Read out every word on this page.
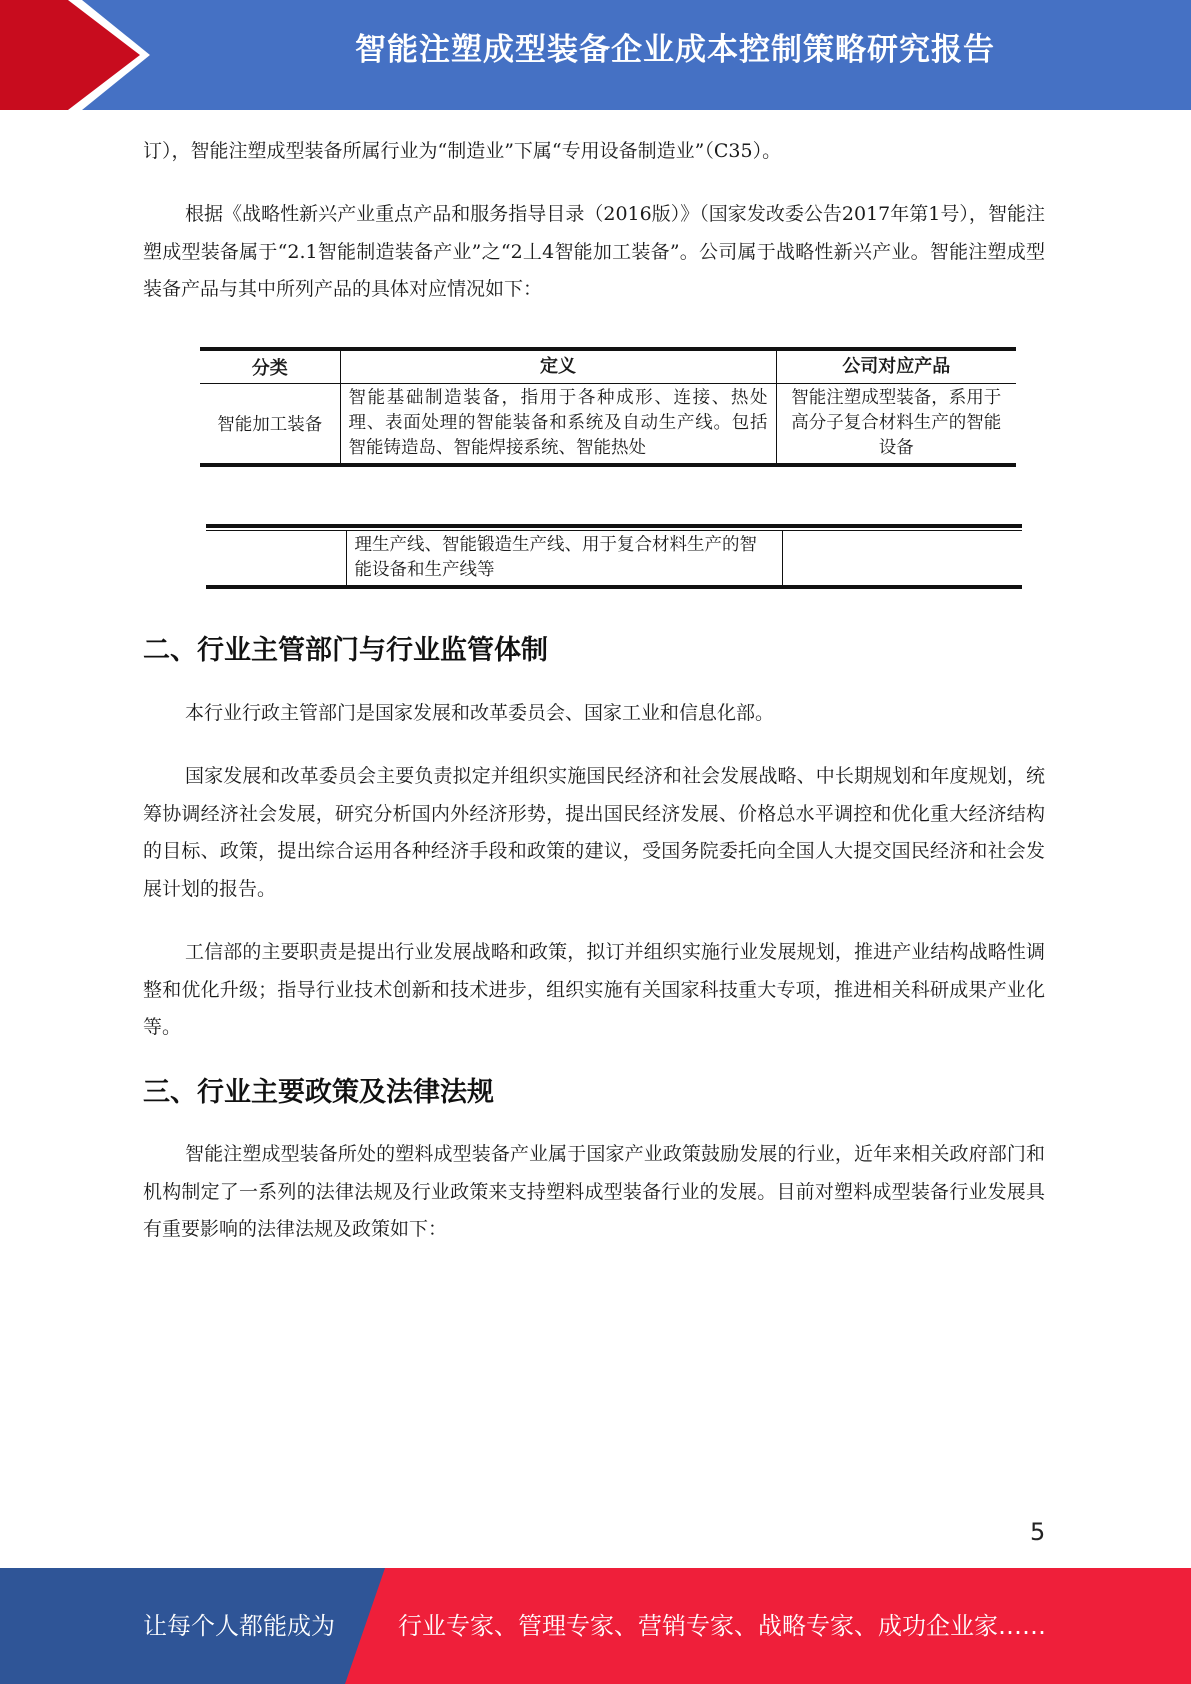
智能注塑成型装备企业成本控制策略研究报告

订），智能注塑成型装备所属行业为“制造业”下属“专用设备制造业”（C35）。

根据《战略性新兴产业重点产品和服务指导目录（2016版）》（国家发改委公告2017年第1号），智能注塑成型装备属于“2.1智能制造装备产业”之“2丄4智能加工装备”。公司属于战略性新兴产业。智能注塑成型装备产品与其中所列产品的具体对应情况如下：

分类	定义	公司对应产品
智能加工装备	智能基础制造装备，指用于各种成形、连接、热处理、表面处理的智能装备和系统及自动生产线。包括智能铸造岛、智能焊接系统、智能热处	智能注塑成型装备，系用于高分子复合材料生产的智能设备
	理生产线、智能锻造生产线、用于复合材料生产的智能设备和生产线等	
二、行业主管部门与行业监管体制

本行业行政主管部门是国家发展和改革委员会、国家工业和信息化部。

国家发展和改革委员会主要负责拟定并组织实施国民经济和社会发展战略、中长期规划和年度规划，统筹协调经济社会发展，研究分析国内外经济形势，提出国民经济发展、价格总水平调控和优化重大经济结构的目标、政策，提出综合运用各种经济手段和政策的建议，受国务院委托向全国人大提交国民经济和社会发展计划的报告。

工信部的主要职责是提出行业发展战略和政策，拟订并组织实施行业发展规划，推进产业结构战略性调整和优化升级；指导行业技术创新和技术进步，组织实施有关国家科技重大专项，推进相关科研成果产业化等。

三、行业主要政策及法律法规

智能注塑成型装备所处的塑料成型装备产业属于国家产业政策鼓励发展的行业，近年来相关政府部门和机构制定了一系列的法律法规及行业政策来支持塑料成型装备行业的发展。目前对塑料成型装备行业发展具有重要影响的法律法规及政策如下：

5
让每个人都能成为	行业专家、管理专家、营销专家、战略专家、成功企业家……
